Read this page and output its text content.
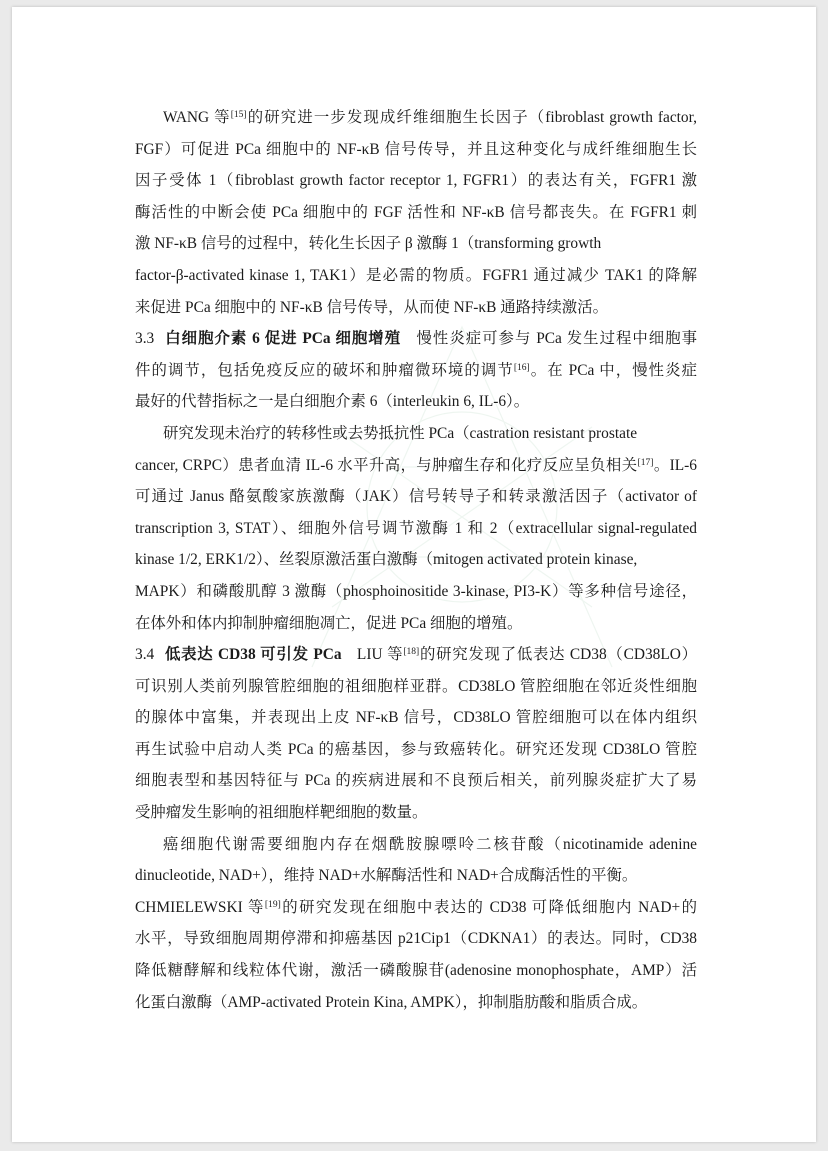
WANG 等[15]的研究进一步发现成纤维细胞生长因子（fibroblast growth factor,
FGF）可促进 PCa 细胞中的 NF-κB 信号传导，并且这种变化与成纤维细胞生长
因子受体 1（fibroblast growth factor receptor 1, FGFR1）的表达有关，FGFR1 激
酶活性的中断会使 PCa 细胞中的 FGF 活性和 NF-κB 信号都丧失。在 FGFR1 刺
激 NF-κB 信号的过程中，转化生长因子 β 激酶 1（transforming growth
factor-β-activated kinase 1, TAK1）是必需的物质。FGFR1 通过减少 TAK1 的降解
来促进 PCa 细胞中的 NF-κB 信号传导，从而使 NF-κB 通路持续激活。
3.3 白细胞介素 6 促进 PCa 细胞增殖 慢性炎症可参与 PCa 发生过程中细胞事
件的调节，包括免疫反应的破坏和肿瘤微环境的调节[16]。在 PCa 中，慢性炎症
最好的代替指标之一是白细胞介素 6（interleukin 6, IL-6）。
研究发现未治疗的转移性或去势抵抗性 PCa（castration resistant prostate
cancer, CRPC）患者血清 IL-6 水平升高，与肿瘤生存和化疗反应呈负相关[17]。IL-6
可通过 Janus 酪氨酸家族激酶（JAK）信号转导子和转录激活因子（activator of
transcription 3, STAT）、细胞外信号调节激酶 1 和 2（extracellular signal-regulated
kinase 1/2, ERK1/2）、丝裂原激活蛋白激酶（mitogen activated protein kinase,
MAPK）和磷酸肌醇 3 激酶（phosphoinositide 3-kinase, PI3-K）等多种信号途径，
在体外和体内抑制肿瘤细胞凋亡，促进 PCa 细胞的增殖。
3.4 低表达 CD38 可引发 PCa LIU 等[18]的研究发现了低表达 CD38（CD38LO）
可识别人类前列腺管腔细胞的祖细胞样亚群。CD38LO 管腔细胞在邻近炎性细胞
的腺体中富集，并表现出上皮 NF-κB 信号，CD38LO 管腔细胞可以在体内组织
再生试验中启动人类 PCa 的癌基因，参与致癌转化。研究还发现 CD38LO 管腔
细胞表型和基因特征与 PCa 的疾病进展和不良预后相关，前列腺炎症扩大了易
受肿瘤发生影响的祖细胞样靶细胞的数量。
癌细胞代谢需要细胞内存在烟酰胺腺嘌呤二核苷酸（nicotinamide adenine
dinucleotide, NAD+），维持 NAD+水解酶活性和 NAD+合成酶活性的平衡。
CHMIELEWSKI 等[19]的研究发现在细胞中表达的 CD38 可降低细胞内 NAD+的
水平，导致细胞周期停滞和抑癌基因 p21Cip1（CDKNA1）的表达。同时，CD38
降低糖酵解和线粒体代谢，激活一磷酸腺苷(adenosine monophosphate，AMP）活
化蛋白激酶（AMP-activated Protein Kina, AMPK），抑制脂肪酸和脂质合成。
